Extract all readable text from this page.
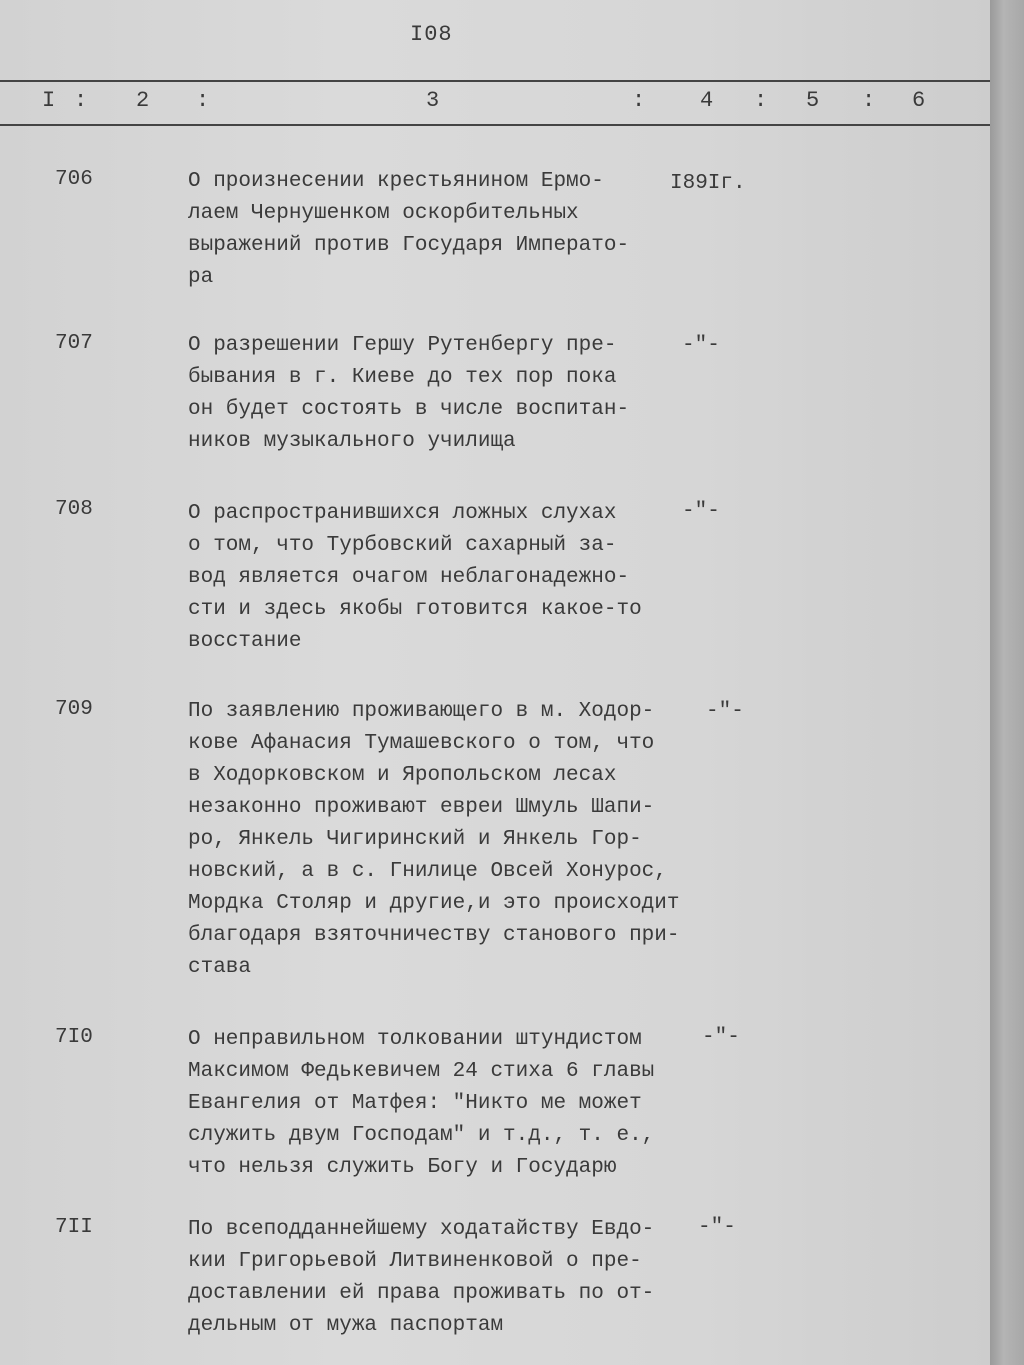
I08
I : 2 :	3	: 4 : 5 : 6
706	О произнесении крестьянином Ермо-
лаем Чернушенком оскорбительных
выражений против Государя Императо-
ра
I89Iг.
707	О разрешении Гершу Рутенбергу пре-
бывания в г. Киеве до тех пор пока
он будет состоять в числе воспитан-
ников музыкального училища
-"-
708	О распространившихся ложных слухах
о том, что Турбовский сахарный за-
вод является очагом неблагонадежно-
сти и здесь якобы готовится какое-то
восстание
-"-
709	По заявлению проживающего в м. Ходор-
кове Афанасия Тумашевского о том, что
в Ходорковском и Яропольском лесах
незаконно проживают евреи Шмуль Шапи-
ро, Янкель Чигиринский и Янкель Гор-
новский, а в с. Гнилице Овсей Хонурос,
Мордка Столяр и другие,и это происходит
благодаря взяточничеству станового при-
става
-"-
7I0	О неправильном толковании штундистом
Максимом Федькевичем 24 стиха 6 главы
Евангелия от Матфея: "Никто ме может
служить двум Господам" и т.д., т. е.,
что нельзя служить Богу и Государю
-"-
7II	По всеподданнейшему ходатайству Евдо-
кии Григорьевой Литвиненковой о пре-
доставлении ей права проживать по от-
дельным от мужа паспортам
-"-
